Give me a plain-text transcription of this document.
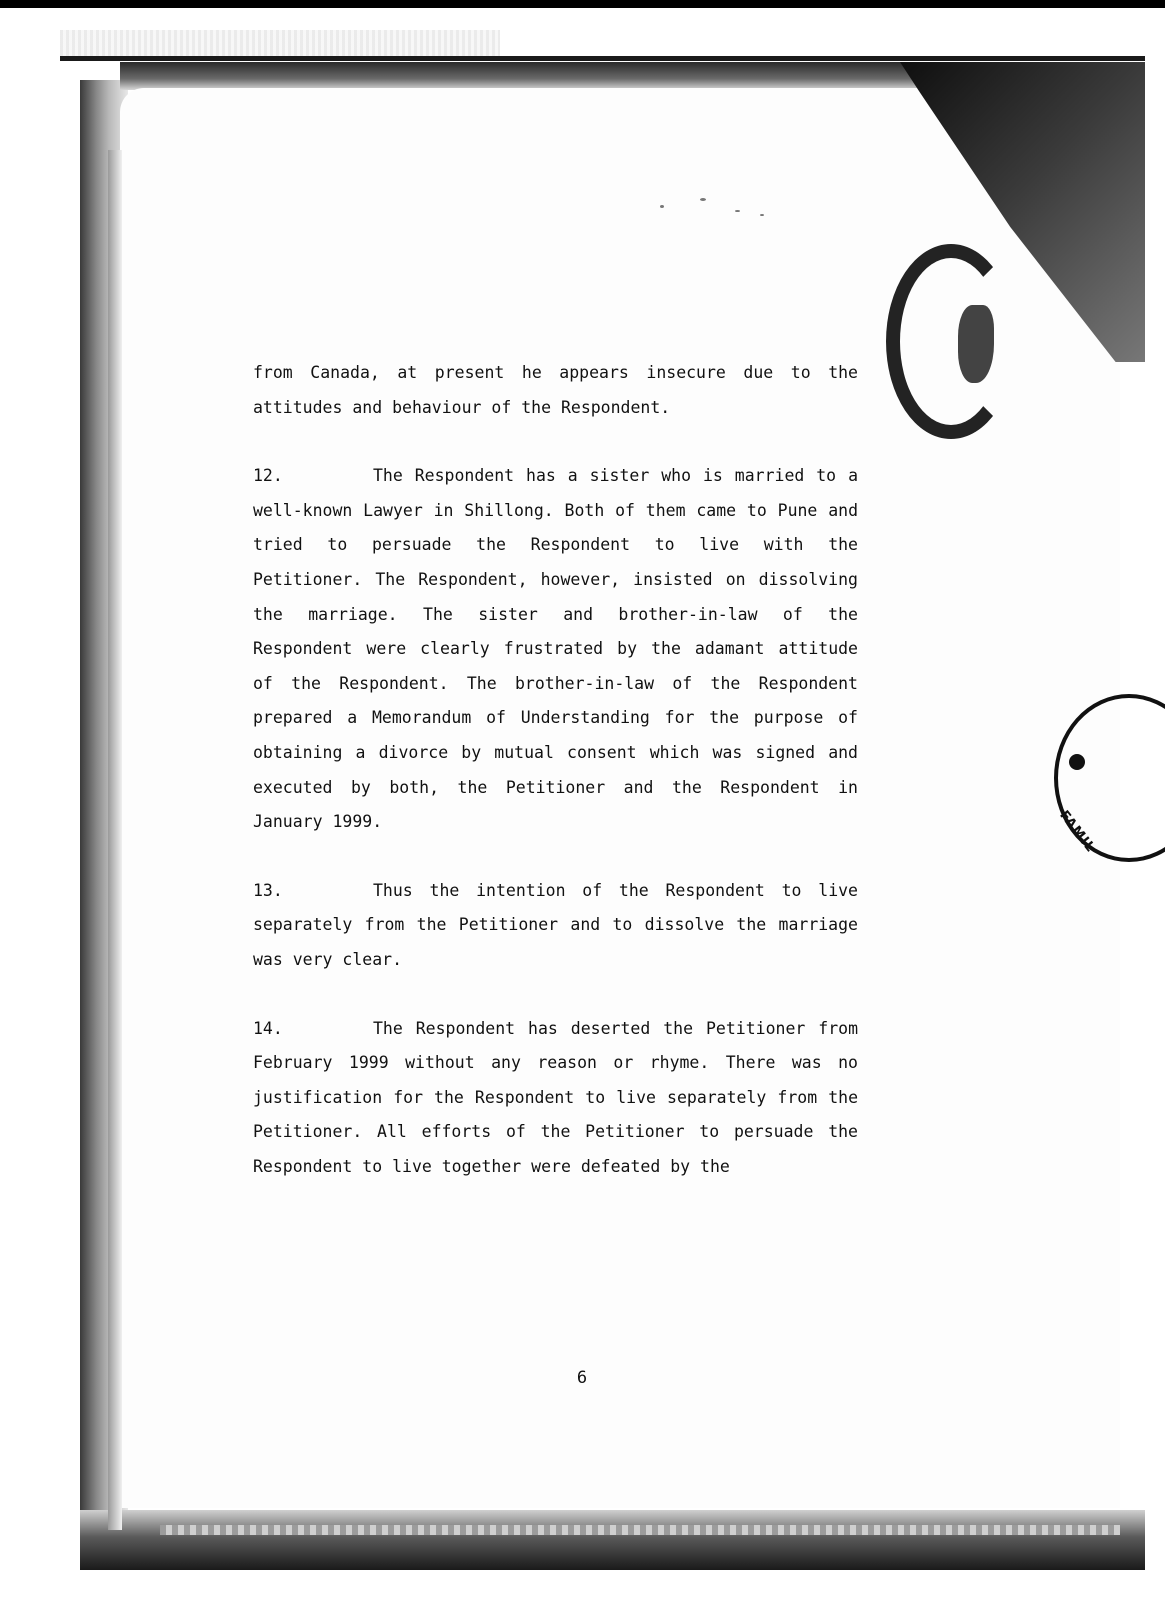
FAMIL

from Canada, at present he appears insecure due to the attitudes and behaviour of the Respondent.

12.	The Respondent has a sister who is married to a well-known Lawyer in Shillong. Both of them came to Pune and tried to persuade the Respondent to live with the Petitioner. The Respondent, however, insisted on dissolving the marriage. The sister and brother-in-law of the Respondent were clearly frustrated by the adamant attitude of the Respondent. The brother-in-law of the Respondent prepared a Memorandum of Understanding for the purpose of obtaining a divorce by mutual consent which was signed and executed by both, the Petitioner and the Respondent in January 1999.

13.	Thus the intention of the Respondent to live separately from the Petitioner and to dissolve the marriage was very clear.

14.	The Respondent has deserted the Petitioner from February 1999 without any reason or rhyme. There was no justification for the Respondent to live separately from the Petitioner. All efforts of the Petitioner to persuade the Respondent to live together were defeated by the

6
